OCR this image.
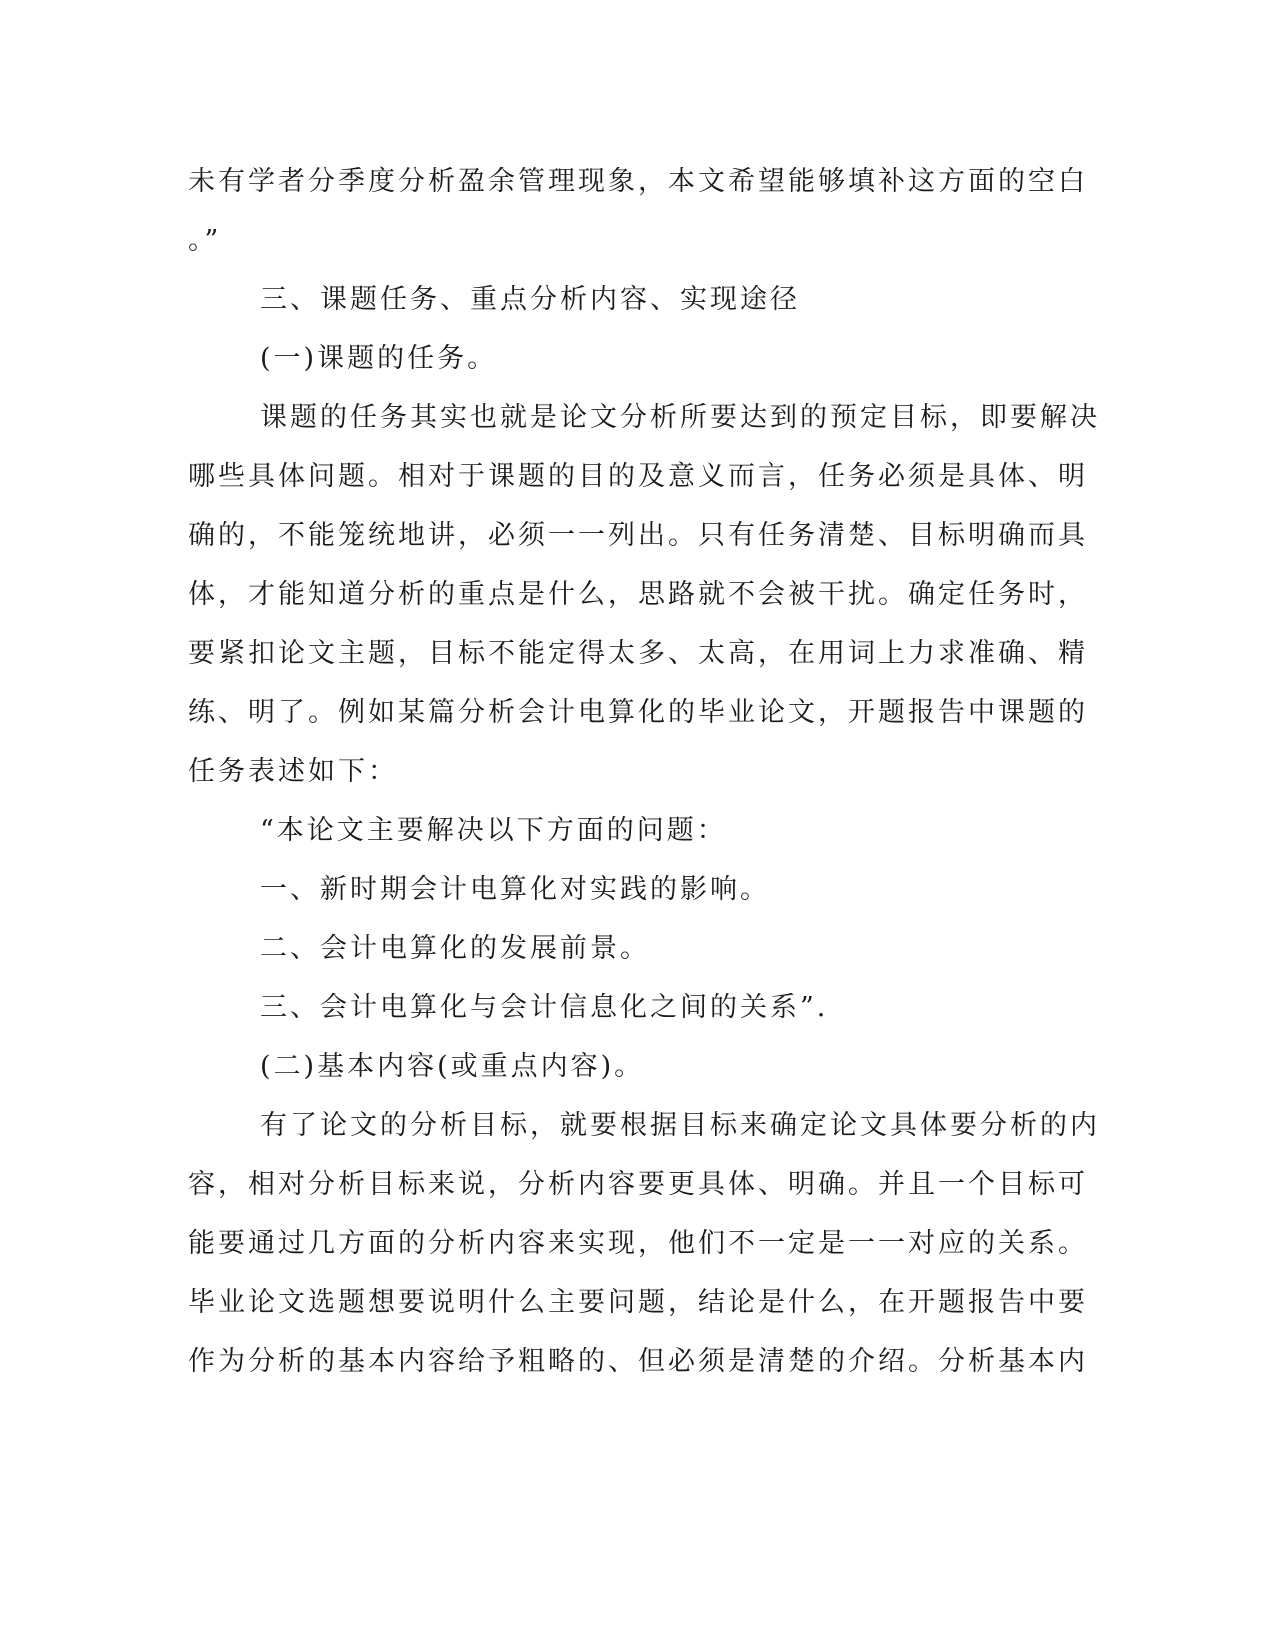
未有学者分季度分析盈余管理现象，本文希望能够填补这方面的空白
。”
三、课题任务、重点分析内容、实现途径
(一)课题的任务。
课题的任务其实也就是论文分析所要达到的预定目标，即要解决
哪些具体问题。相对于课题的目的及意义而言，任务必须是具体、明
确的，不能笼统地讲，必须一一列出。只有任务清楚、目标明确而具
体，才能知道分析的重点是什么，思路就不会被干扰。确定任务时，
要紧扣论文主题，目标不能定得太多、太高，在用词上力求准确、精
练、明了。例如某篇分析会计电算化的毕业论文，开题报告中课题的
任务表述如下：
“本论文主要解决以下方面的问题：
一、新时期会计电算化对实践的影响。
二、会计电算化的发展前景。
三、会计电算化与会计信息化之间的关系”.
(二)基本内容(或重点内容)。
有了论文的分析目标，就要根据目标来确定论文具体要分析的内
容，相对分析目标来说，分析内容要更具体、明确。并且一个目标可
能要通过几方面的分析内容来实现，他们不一定是一一对应的关系。
毕业论文选题想要说明什么主要问题，结论是什么，在开题报告中要
作为分析的基本内容给予粗略的、但必须是清楚的介绍。分析基本内
